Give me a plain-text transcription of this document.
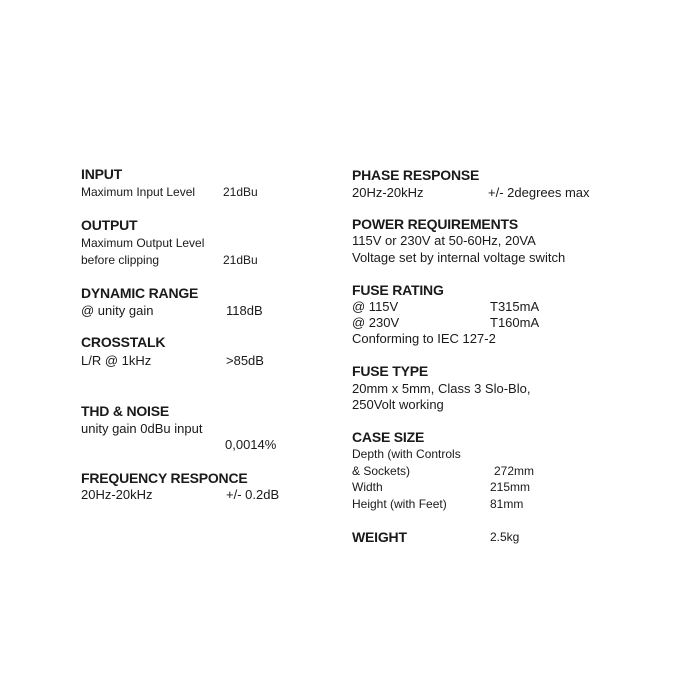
INPUT
Maximum Input Level 21dBu
OUTPUT
Maximum Output Level
before clipping	21dBu
DYNAMIC RANGE
@ unity gain	118dB
CROSSTALK
L/R @ 1kHz	>85dB
THD & NOISE
unity gain 0dBu input
0,0014%
FREQUENCY RESPONCE
20Hz-20kHz	+/- 0.2dB
PHASE RESPONSE
20Hz-20kHz	+/- 2degrees max
POWER REQUIREMENTS
115V or 230V at 50-60Hz, 20VA
Voltage set by internal voltage switch
FUSE RATING
@ 115V	T315mA
@ 230V	T160mA
Conforming to IEC 127-2
FUSE TYPE
20mm x 5mm, Class 3 Slo-Blo,
250Volt working
CASE SIZE
Depth (with Controls
& Sockets)	272mm
Width	215mm
Height (with Feet)	81mm
WEIGHT	2.5kg
